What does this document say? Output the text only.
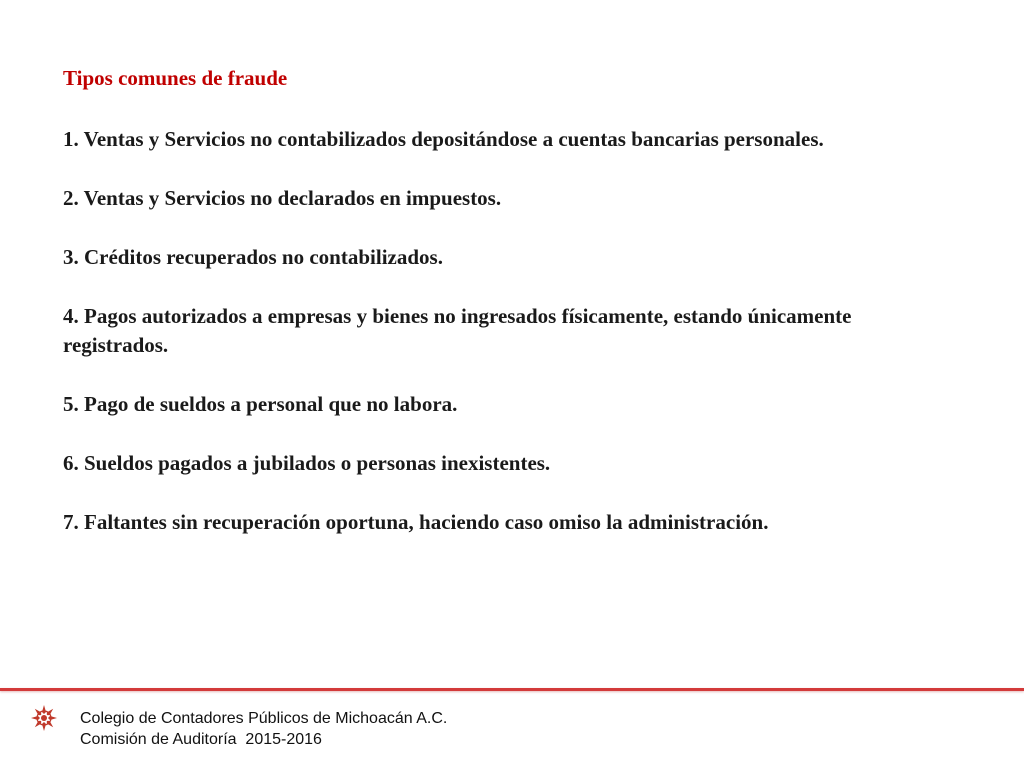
Tipos comunes de fraude
1. Ventas y Servicios no contabilizados depositándose a cuentas bancarias personales.
2. Ventas y Servicios no declarados en impuestos.
3. Créditos recuperados no contabilizados.
4. Pagos autorizados a empresas y bienes no ingresados físicamente, estando únicamente registrados.
5. Pago de sueldos a personal que no labora.
6. Sueldos pagados a jubilados o personas inexistentes.
7. Faltantes sin recuperación oportuna, haciendo caso omiso la administración.
Colegio de Contadores Públicos de Michoacán A.C.
Comisión de Auditoría  2015-2016
